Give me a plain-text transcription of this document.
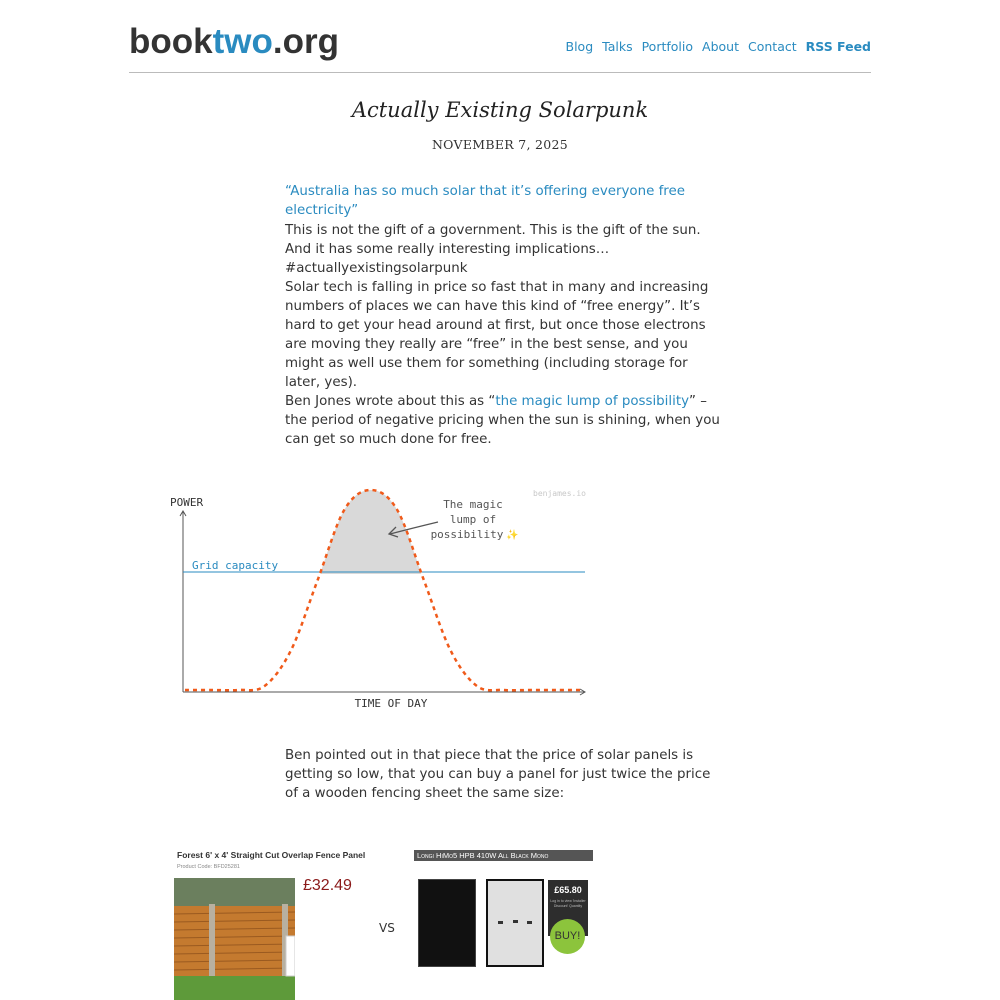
booktwo.org	Blog Talks Portfolio About Contact RSS Feed
Actually Existing Solarpunk
NOVEMBER 7, 2025
“Australia has so much solar that it’s offering everyone free electricity”

This is not the gift of a government. This is the gift of the sun. And it has some really interesting implications… #actuallyexistingsolarpunk

Solar tech is falling in price so fast that in many and increasing numbers of places we can have this kind of “free energy”. It’s hard to get your head around at first, but once those electrons are moving they really are “free” in the best sense, and you might as well use them for something (including storage for later, yes).

Ben Jones wrote about this as “the magic lump of possibility” – the period of negative pricing when the sun is shining, when you can get so much done for free.

benjames.io
POWER
TIME OF DAY
Grid capacity
The magic
lump of
possibility ✨

Ben pointed out in that piece that the price of solar panels is getting so low, that you can buy a panel for just twice the price of a wooden fencing sheet the same size:

Forest 6' x 4' Straight Cut Overlap Fence Panel
Product Code: BFD25281
£32.49
VS
Longi HiMo5 HPB 410W All Black Mono
£65.80
Log in to view 'Installer Discount' Quantity
BUY!
